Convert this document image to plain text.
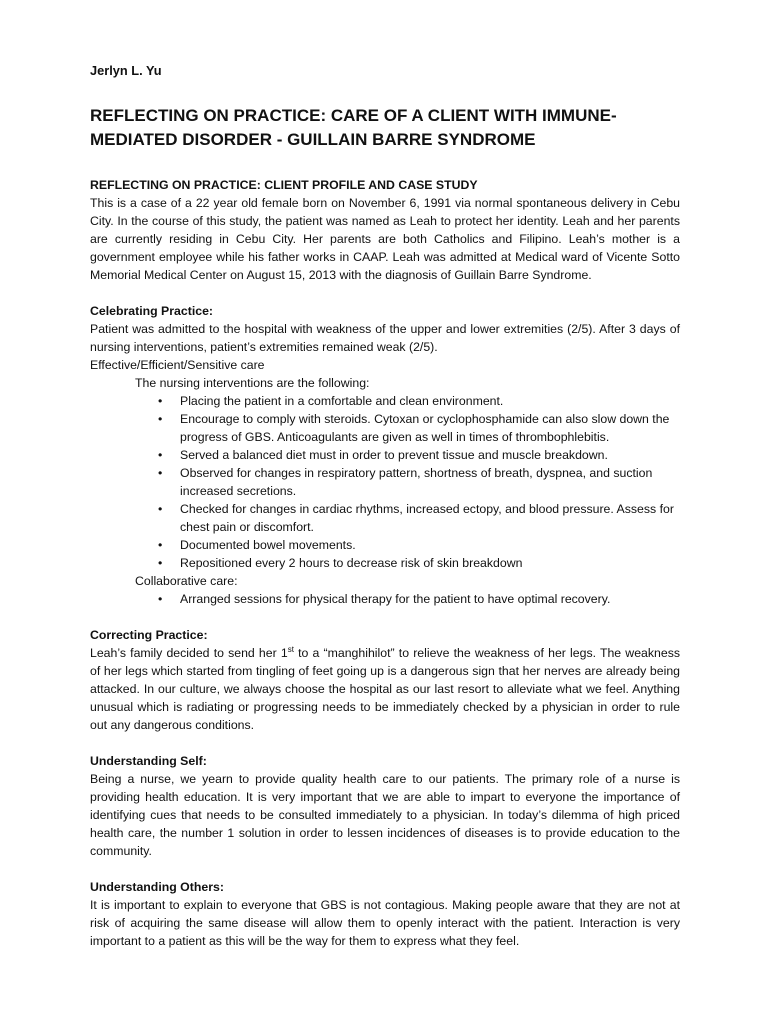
Jerlyn L. Yu
REFLECTING ON PRACTICE: CARE OF A CLIENT WITH IMMUNE-MEDIATED DISORDER - GUILLAIN BARRE SYNDROME
REFLECTING ON PRACTICE: CLIENT PROFILE AND CASE STUDY

This is a case of a 22 year old female born on November 6, 1991 via normal spontaneous delivery in Cebu City. In the course of this study, the patient was named as Leah to protect her identity. Leah and her parents are currently residing in Cebu City. Her parents are both Catholics and Filipino. Leah’s mother is a government employee while his father works in CAAP. Leah was admitted at Medical ward of Vicente Sotto Memorial Medical Center on August 15, 2013 with the diagnosis of Guillain Barre Syndrome.

Celebrating Practice:

Patient was admitted to the hospital with weakness of the upper and lower extremities (2/5). After 3 days of nursing interventions, patient’s extremities remained weak (2/5).

Effective/Efficient/Sensitive care
The nursing interventions are the following:
• Placing the patient in a comfortable and clean environment.
• Encourage to comply with steroids. Cytoxan or cyclophosphamide can also slow down the progress of GBS. Anticoagulants are given as well in times of thrombophlebitis.
• Served a balanced diet must in order to prevent tissue and muscle breakdown.
• Observed for changes in respiratory pattern, shortness of breath, dyspnea, and suction increased secretions.
• Checked for changes in cardiac rhythms, increased ectopy, and blood pressure. Assess for chest pain or discomfort.
• Documented bowel movements.
• Repositioned every 2 hours to decrease risk of skin breakdown
Collaborative care:
• Arranged sessions for physical therapy for the patient to have optimal recovery.
Correcting Practice:

Leah’s family decided to send her 1st to a “manghihilot” to relieve the weakness of her legs. The weakness of her legs which started from tingling of feet going up is a dangerous sign that her nerves are already being attacked. In our culture, we always choose the hospital as our last resort to alleviate what we feel. Anything unusual which is radiating or progressing needs to be immediately checked by a physician in order to rule out any dangerous conditions.

Understanding Self:

Being a nurse, we yearn to provide quality health care to our patients. The primary role of a nurse is providing health education. It is very important that we are able to impart to everyone the importance of identifying cues that needs to be consulted immediately to a physician. In today’s dilemma of high priced health care, the number 1 solution in order to lessen incidences of diseases is to provide education to the community.

Understanding Others:

It is important to explain to everyone that GBS is not contagious. Making people aware that they are not at risk of acquiring the same disease will allow them to openly interact with the patient. Interaction is very important to a patient as this will be the way for them to express what they feel.
